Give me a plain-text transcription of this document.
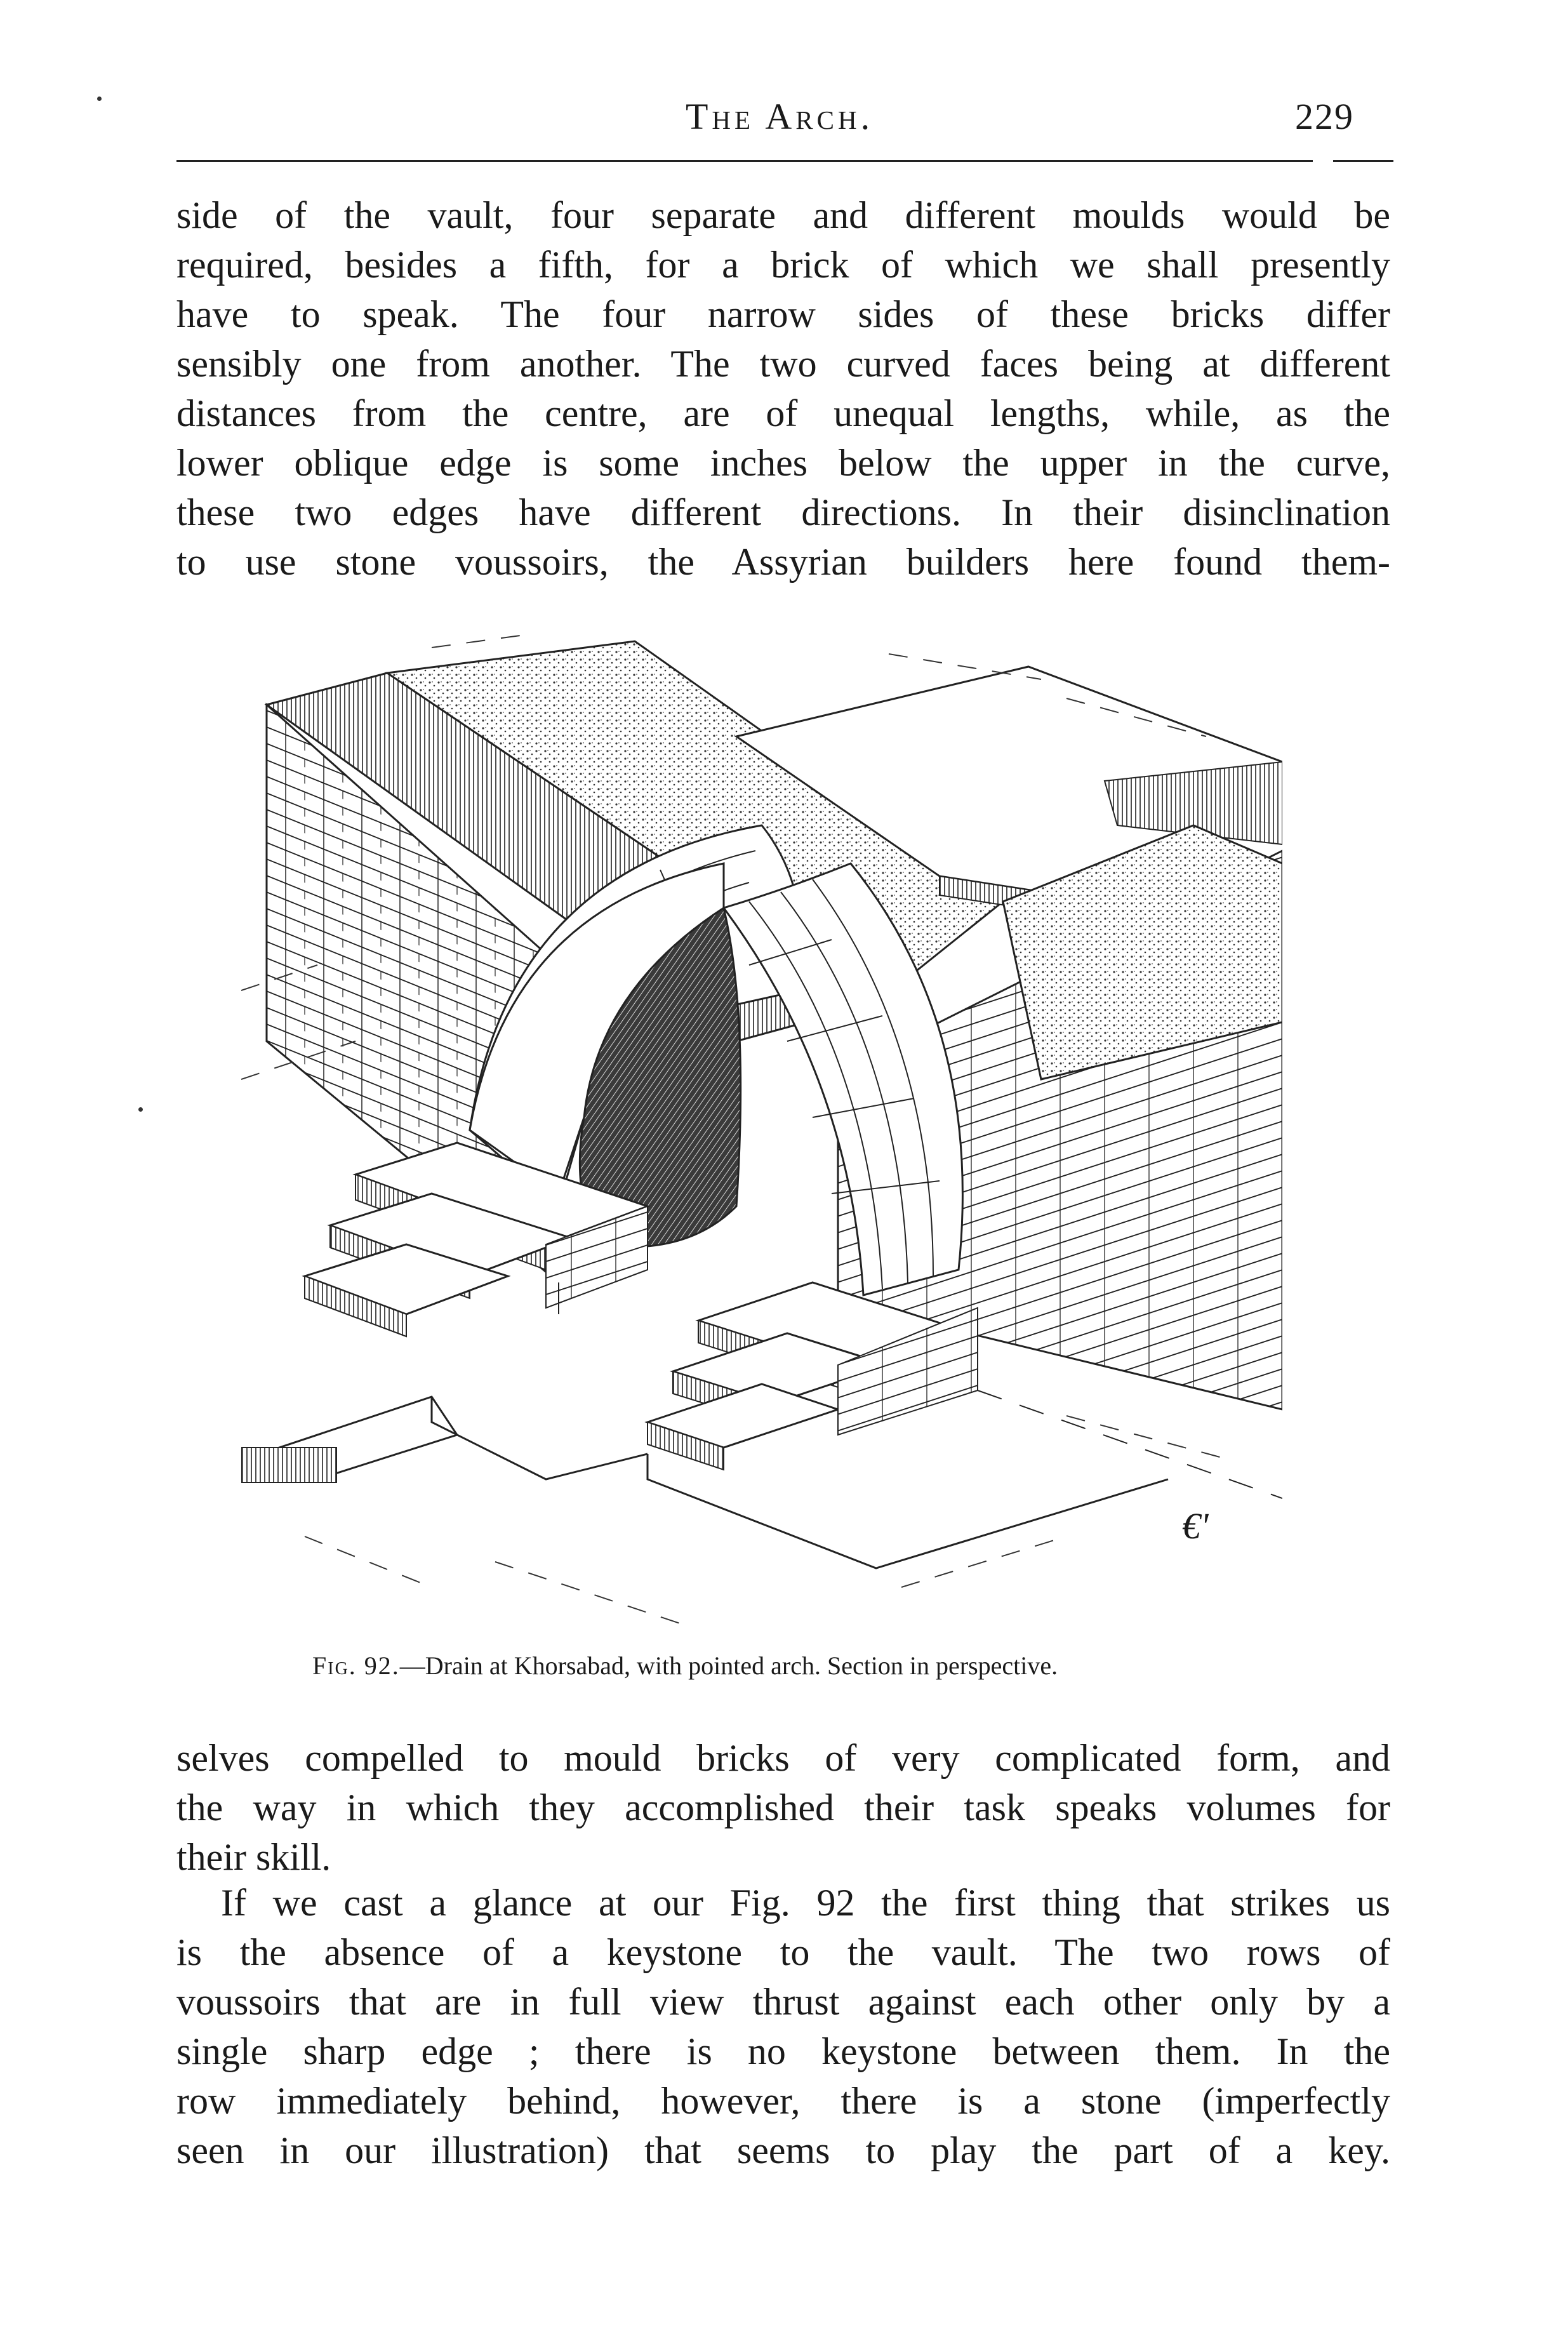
The Arch.	229
side of the vault, four separate and different moulds would be
required, besides a fifth, for a brick of which we shall presently
have to speak. The four narrow sides of these bricks differ
sensibly one from another. The two curved faces being at different
distances from the centre, are of unequal lengths, while, as the
lower oblique edge is some inches below the upper in the curve,
these two edges have different directions. In their disinclination
to use stone voussoirs, the Assyrian builders here found them-
€'
Fig. 92.—Drain at Khorsabad, with pointed arch. Section in perspective.
selves compelled to mould bricks of very complicated form, and
the way in which they accomplished their task speaks volumes for
their skill.
If we cast a glance at our Fig. 92 the first thing that strikes us
is the absence of a keystone to the vault. The two rows of
voussoirs that are in full view thrust against each other only by a
single sharp edge ; there is no keystone between them. In the
row immediately behind, however, there is a stone (imperfectly
seen in our illustration) that seems to play the part of a key.
